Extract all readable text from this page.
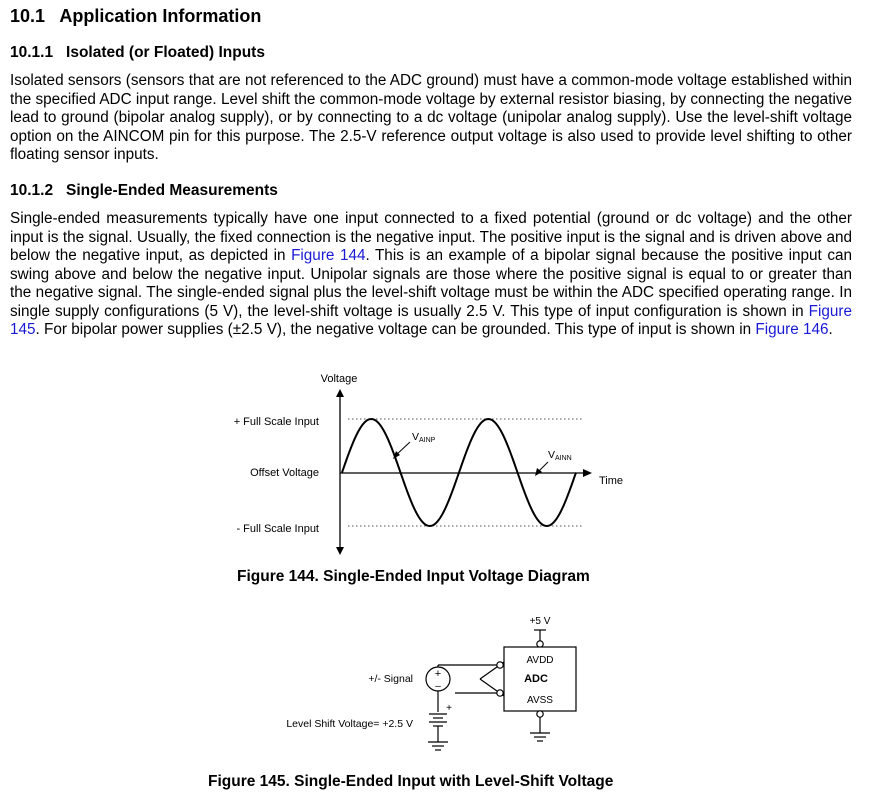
10.1 Application Information
10.1.1 Isolated (or Floated) Inputs

Isolated sensors (sensors that are not referenced to the ADC ground) must have a common-mode voltage established within the specified ADC input range. Level shift the common-mode voltage by external resistor biasing, by connecting the negative lead to ground (bipolar analog supply), or by connecting to a dc voltage (unipolar analog supply). Use the level-shift voltage option on the AINCOM pin for this purpose. The 2.5-V reference output voltage is also used to provide level shifting to other floating sensor inputs.

10.1.2 Single-Ended Measurements

Single-ended measurements typically have one input connected to a fixed potential (ground or dc voltage) and the other input is the signal. Usually, the fixed connection is the negative input. The positive input is the signal and is driven above and below the negative input, as depicted in Figure 144. This is an example of a bipolar signal because the positive input can swing above and below the negative input. Unipolar signals are those where the positive signal is equal to or greater than the negative signal. The single-ended signal plus the level-shift voltage must be within the ADC specified operating range. In single supply configurations (5 V), the level-shift voltage is usually 2.5 V. This type of input configuration is shown in Figure 145. For bipolar power supplies (±2.5 V), the negative voltage can be grounded. This type of input is shown in Figure 146.

Voltage
Time
+ Full Scale Input
Offset Voltage
- Full Scale Input
VAINP
VAINN
Figure 144. Single-Ended Input Voltage Diagram
+5 V
AVDD
ADC
AVSS
+
–
+/- Signal
+
Level Shift Voltage= +2.5 V
Figure 145. Single-Ended Input with Level-Shift Voltage
